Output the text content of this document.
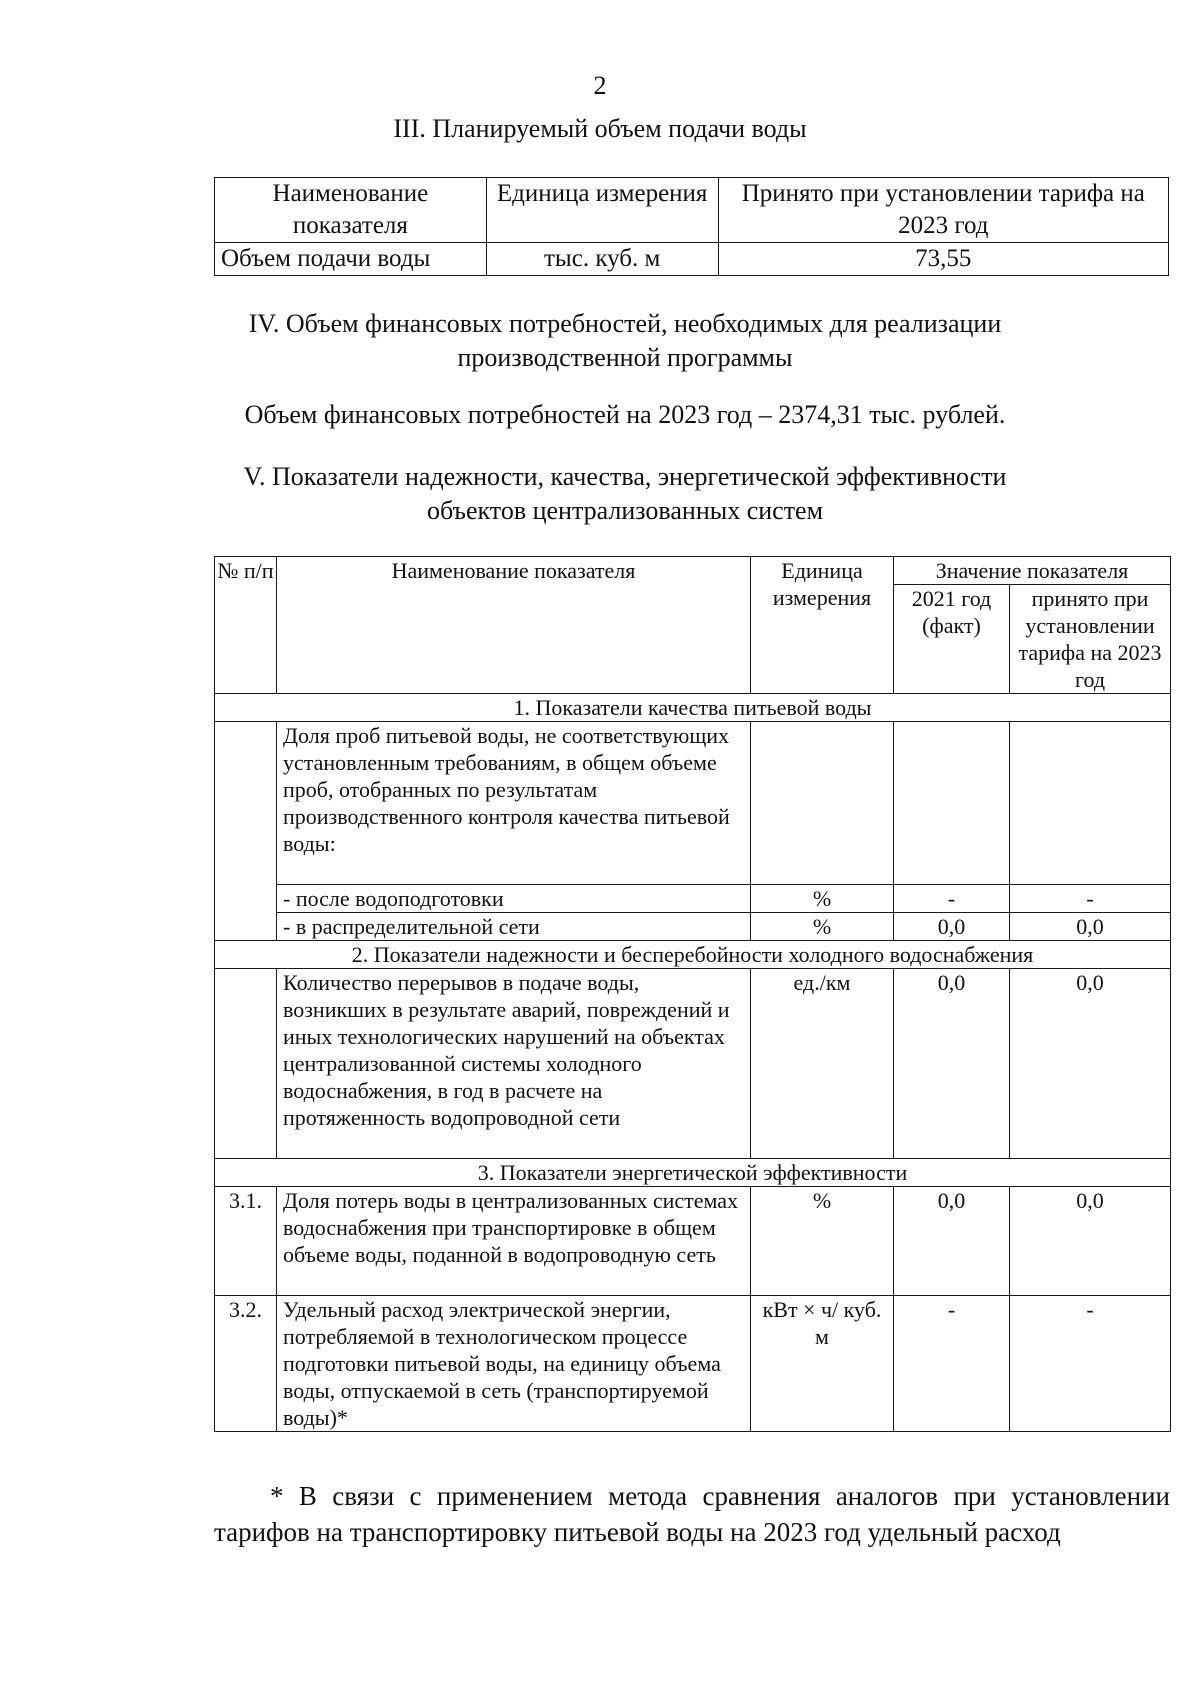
2
III. Планируемый объем подачи воды
Наименование показателя	Единица измерения	Принято при установлении тарифа на 2023 год
Объем подачи воды	тыс. куб. м	73,55
IV. Объем финансовых потребностей, необходимых для реализации
производственной программы
Объем финансовых потребностей на 2023 год – 2374,31 тыс. рублей.
V. Показатели надежности, качества, энергетической эффективности
объектов централизованных систем
№ п/п	Наименование показателя	Единица измерения	Значение показателя	
			2021 год (факт)	принято при установлении тарифа на 2023 год
1. Показатели качества питьевой воды				
	Доля проб питьевой воды, не соответствующих установленным требованиям, в общем объеме проб, отобранных по результатам производственного контроля качества питьевой воды:			
	- после водоподготовки	%	-	-
	- в распределительной сети	%	0,0	0,0
2. Показатели надежности и бесперебойности холодного водоснабжения				
	Количество перерывов в подаче воды, возникших в результате аварий, повреждений и иных технологических нарушений на объектах централизованной системы холодного водоснабжения, в год в расчете на протяженность водопроводной сети	ед./км	0,0	0,0
3. Показатели энергетической эффективности				
3.1.	Доля потерь воды в централизованных системах водоснабжения при транспортировке в общем объеме воды, поданной в водопроводную сеть	%	0,0	0,0
3.2.	Удельный расход электрической энергии, потребляемой в технологическом процессе подготовки питьевой воды, на единицу объема воды, отпускаемой в сеть (транспортируемой воды)*	кВт × ч/ куб. м	-	-
* В связи с применением метода сравнения аналогов при установлении тарифов на транспортировку питьевой воды на 2023 год удельный расход
